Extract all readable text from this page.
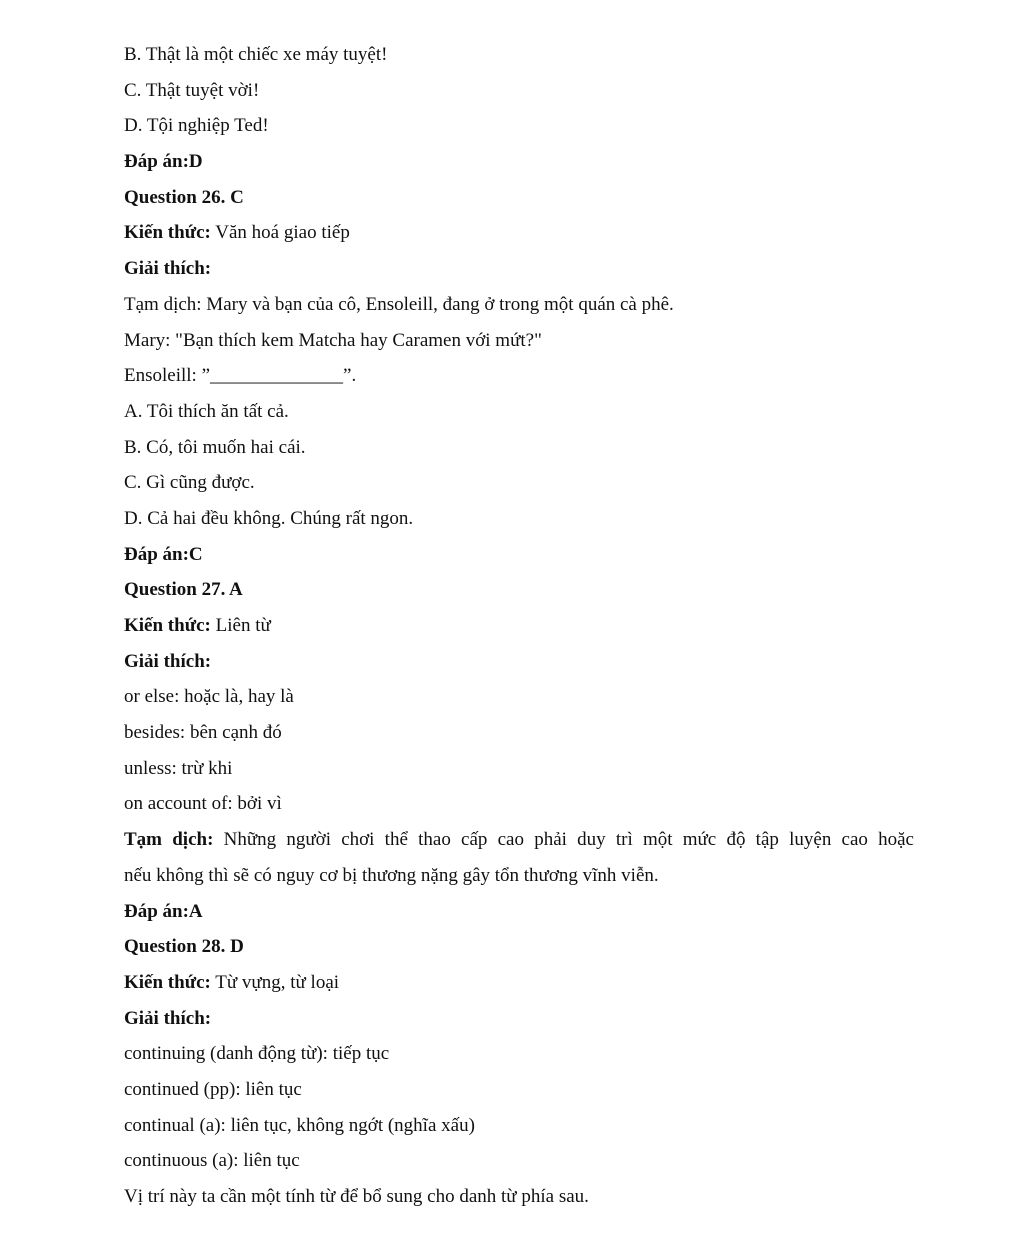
B. Thật là một chiếc xe máy tuyệt!
C. Thật tuyệt vời!
D. Tội nghiệp Ted!
Đáp án:D
Question 26. C
Kiến thức: Văn hoá giao tiếp
Giải thích:
Tạm dịch: Mary và bạn của cô, Ensoleill, đang ở trong một quán cà phê.
Mary: "Bạn thích kem Matcha hay Caramen với mứt?"
Ensoleill: ”______________”.
A. Tôi thích ăn tất cả.
B. Có, tôi muốn hai cái.
C. Gì cũng được.
D. Cả hai đều không. Chúng rất ngon.
Đáp án:C
Question 27. A
Kiến thức: Liên từ
Giải thích:
or else: hoặc là, hay là
besides: bên cạnh đó
unless: trừ khi
on account of: bởi vì
Tạm dịch: Những người chơi thể thao cấp cao phải duy trì một mức độ tập luyện cao hoặc
nếu không thì sẽ có nguy cơ bị thương nặng gây tổn thương vĩnh viễn.
Đáp án:A
Question 28. D
Kiến thức: Từ vựng, từ loại
Giải thích:
continuing (danh động từ): tiếp tục
continued (pp): liên tục
continual (a): liên tục, không ngớt (nghĩa xấu)
continuous (a): liên tục
Vị trí này ta cần một tính từ để bổ sung cho danh từ phía sau.
